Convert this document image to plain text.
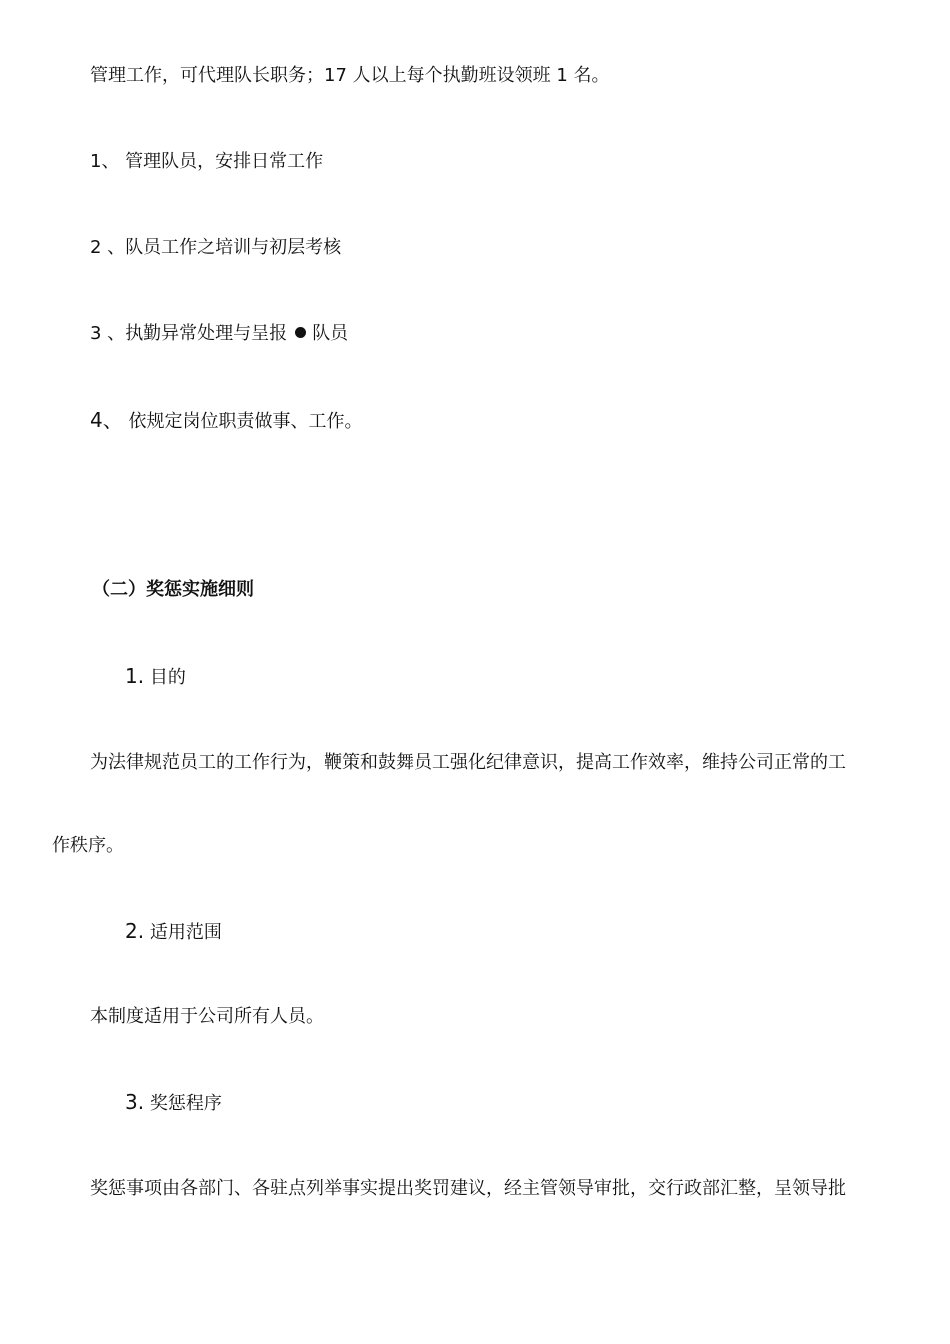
管理工作，可代理队长职务；17 人以上每个执勤班设领班 1 名。
1、 管理队员，安排日常工作
2 、队员工作之培训与初层考核
3 、执勤异常处理与呈报 队员
4、 依规定岗位职责做事、工作。
（二）奖惩实施细则
1. 目的
为法律规范员工的工作行为，鞭策和鼓舞员工强化纪律意识，提高工作效率，维持公司正常的工
作秩序。
2. 适用范围
本制度适用于公司所有人员。
3. 奖惩程序
奖惩事项由各部门、各驻点列举事实提出奖罚建议，经主管领导审批，交行政部汇整，呈领导批
